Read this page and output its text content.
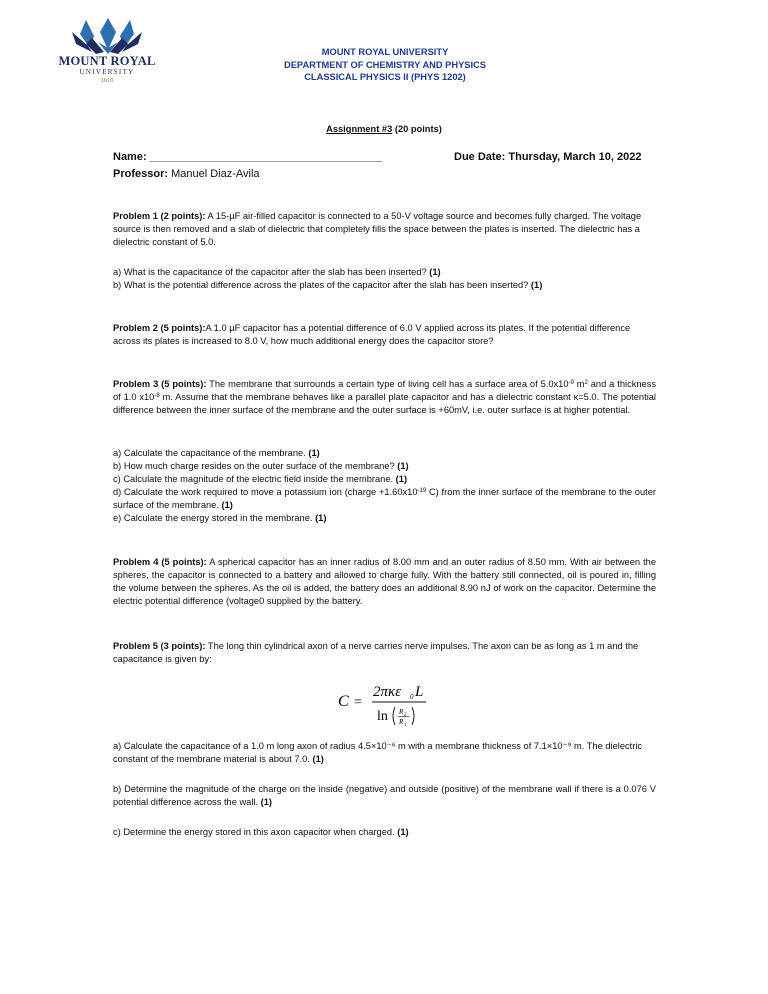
MOUNT ROYAL
UNIVERSITY
1910
MOUNT ROYAL UNIVERSITY
DEPARTMENT OF CHEMISTRY AND PHYSICS
CLASSICAL PHYSICS II (PHYS 1202)
Assignment #3 (20 points)
Name: ______________________________________	Due Date: Thursday, March 10, 2022
Professor: Manuel Diaz-Avila

Problem 1 (2 points): A 15-μF air-filled capacitor is connected to a 50-V voltage source and becomes fully charged. The voltage source is then removed and a slab of dielectric that completely fills the space between the plates is inserted. The dielectric has a dielectric constant of 5.0.

a) What is the capacitance of the capacitor after the slab has been inserted? (1)

b) What is the potential difference across the plates of the capacitor after the slab has been inserted? (1)

Problem 2 (5 points):A 1.0 μF capacitor has a potential difference of 6.0 V applied across its plates. If the potential difference across its plates is increased to 8.0 V, how much additional energy does the capacitor store?

Problem 3 (5 points): The membrane that surrounds a certain type of living cell has a surface area of $5.0x10^{-9}$ $m^2$ and a thickness of 1.0 $x10^{-8}$ m. Assume that the membrane behaves like a parallel plate capacitor and has a dielectric constant κ=5.0. The potential difference between the inner surface of the membrane and the outer surface is +60mV, i.e. outer surface is at higher potential.

a) Calculate the capacitance of the membrane. (1)

b) How much charge resides on the outer surface of the membrane? (1)

c) Calculate the magnitude of the electric field inside the membrane. (1)

d) Calculate the work required to move a potassium ion (charge $+1.60x10^{-19}$ C) from the inner surface of the membrane to the outer surface of the membrane. (1)

e) Calculate the energy stored in the membrane. (1)

Problem 4 (5 points): A spherical capacitor has an inner radius of 8.00 mm and an outer radius of 8.50 mm. With air between the spheres, the capacitor is connected to a battery and allowed to charge fully. With the battery still connected, oil is poured in, filling the volume between the spheres. As the oil is added, the battery does an additional 8.90 nJ of work on the capacitor. Determine the electric potential difference (voltage0 supplied by the battery.

Problem 5 (3 points): The long thin cylindrical axon of a nerve carries nerve impulses. The axon can be as long as 1 m and the capacitance is given by:

C =
2πκε 0 L
ln R 2
R 1

a) Calculate the capacitance of a 1.0 m long axon of radius 4.5×10⁻⁶ m with a membrane thickness of 7.1×10⁻⁹ m. The dielectric constant of the membrane material is about 7.0. (1)

b) Determine the magnitude of the charge on the inside (negative) and outside (positive) of the membrane wall if there is a 0.076 V potential difference across the wall. (1)

c) Determine the energy stored in this axon capacitor when charged. (1)
